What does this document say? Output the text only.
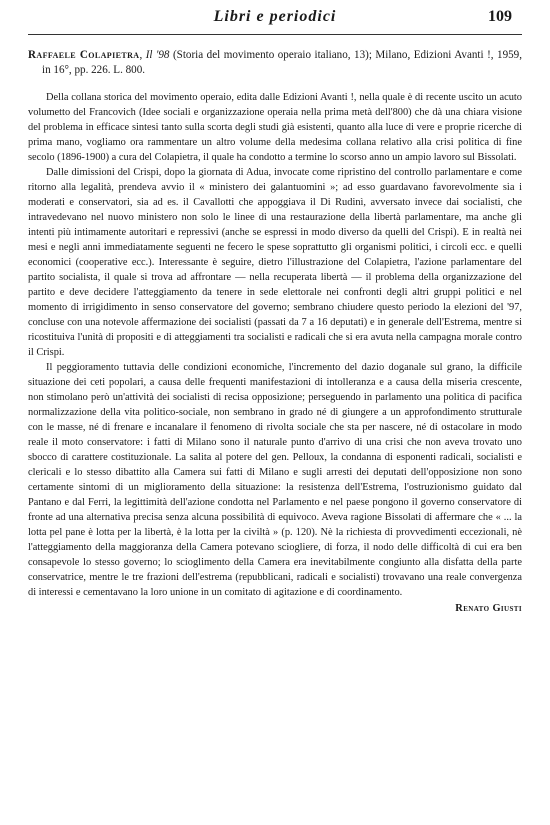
Libri e periodici	109

Raffaele Colapietra, Il '98 (Storia del movimento operaio italiano, 13); Milano, Edizioni Avanti !, 1959, in 16°, pp. 226. L. 800.

Della collana storica del movimento operaio, edita dalle Edizioni Avanti !, nella quale è di recente uscito un acuto volumetto del Francovich (Idee sociali e organizzazione operaia nella prima metà dell'800) che dà una chiara visione del problema in efficace sintesi tanto sulla scorta degli studi già esistenti, quanto alla luce di vere e proprie ricerche di prima mano, vogliamo ora rammentare un altro volume della medesima collana relativo alla crisi politica di fine secolo (1896-1900) a cura del Colapietra, il quale ha condotto a termine lo scorso anno un ampio lavoro sul Bissolati.

Dalle dimissioni del Crispi, dopo la giornata di Adua, invocate come ripristino del controllo parlamentare e come ritorno alla legalità, prendeva avvio il « ministero dei galantuomini »; ad esso guardavano favorevolmente sia i moderati e conservatori, sia ad es. il Cavallotti che appoggiava il Di Rudinì, avversato invece dai socialisti, che intravedevano nel nuovo ministero non solo le linee di una restaurazione della libertà parlamentare, ma anche gli intenti più intimamente autoritari e repressivi (anche se espressi in modo diverso da quelli del Crispi). E in realtà nei mesi e negli anni immediatamente seguenti ne fecero le spese soprattutto gli organismi politici, i circoli ecc. e quelli economici (cooperative ecc.). Interessante è seguire, dietro l'illustrazione del Colapietra, l'azione parlamentare del partito socialista, il quale si trova ad affrontare — nella recuperata libertà — il problema della organizzazione del partito e deve decidere l'atteggiamento da tenere in sede elettorale nei confronti degli altri gruppi politici e nel momento di irrigidimento in senso conservatore del governo; sembrano chiudere questo periodo la elezioni del '97, concluse con una notevole affermazione dei socialisti (passati da 7 a 16 deputati) e in generale dell'Estrema, mentre si ricostituiva l'unità di propositi e di atteggiamenti tra socialisti e radicali che si era avuta nella campagna morale contro il Crispi.

Il peggioramento tuttavia delle condizioni economiche, l'incremento del dazio doganale sul grano, la difficile situazione dei ceti popolari, a causa delle frequenti manifestazioni di intolleranza e a causa della miseria crescente, non stimolano però un'attività dei socialisti di recisa opposizione; perseguendo in parlamento una politica di pacifica normalizzazione della vita politico-sociale, non sembrano in grado né di giungere a un approfondimento strutturale con le masse, né di frenare e incanalare il fenomeno di rivolta sociale che sta per nascere, né di ostacolare in modo reale il moto conservatore: i fatti di Milano sono il naturale punto d'arrivo di una crisi che non aveva trovato uno sbocco di carattere costituzionale. La salita al potere del gen. Pelloux, la condanna di esponenti radicali, socialisti e clericali e lo stesso dibattito alla Camera sui fatti di Milano e sugli arresti dei deputati dell'opposizione non sono certamente sintomi di un miglioramento della situazione: la resistenza dell'Estrema, l'ostruzionismo guidato dal Pantano e dal Ferri, la legittimità dell'azione condotta nel Parlamento e nel paese pongono il governo conservatore di fronte ad una alternativa precisa senza alcuna possibilità di equivoco. Aveva ragione Bissolati di affermare che « ... la lotta pel pane è lotta per la libertà, è la lotta per la civiltà » (p. 120). Nè la richiesta di provvedimenti eccezionali, nè l'atteggiamento della maggioranza della Camera potevano sciogliere, di forza, il nodo delle difficoltà di cui era ben consapevole lo stesso governo; lo scioglimento della Camera era inevitabilmente congiunto alla disfatta della parte conservatrice, mentre le tre frazioni dell'estrema (repubblicani, radicali e socialisti) trovavano una reale convergenza di interessi e cementavano la loro unione in un comitato di agitazione e di coordinamento.

Renato Giusti
